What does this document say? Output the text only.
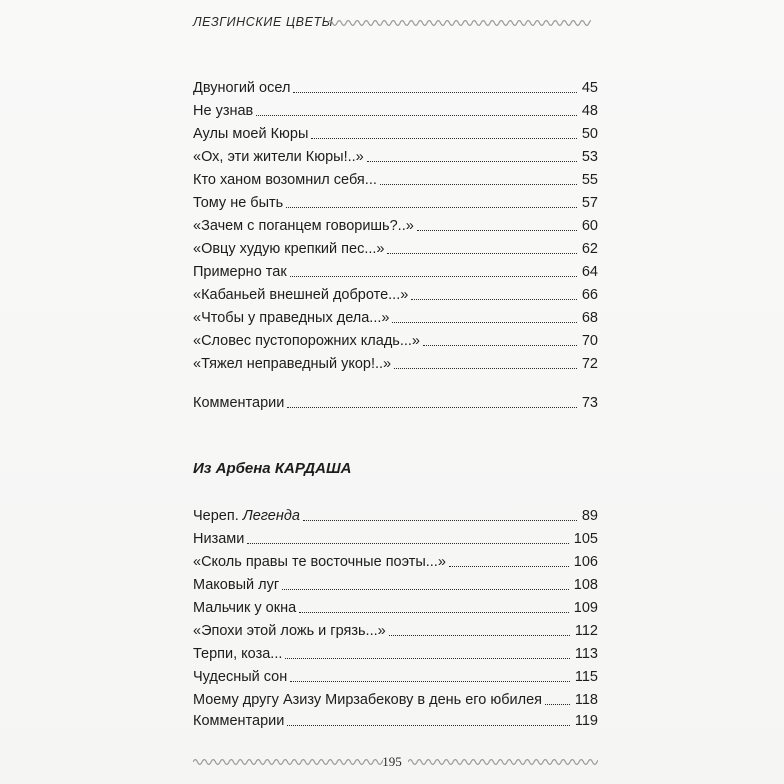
ЛЕЗГИНСКИЕ ЦВЕТЫ
Двуногий осел	45
Не узнав	48
Аулы моей Кюры	50
«Ох, эти жители Кюры!..»	53
Кто ханом возомнил себя...	55
Тому не быть	57
«Зачем с поганцем говоришь?..»	60
«Овцу худую крепкий пес...»	62
Примерно так	64
«Кабаньей внешней доброте...»	66
«Чтобы у праведных дела...»	68
«Словес пустопорожних кладь...»	70
«Тяжел неправедный укор!..»	72
Комментарии	73
Из Арбена КАРДАША
Череп. Легенда	89
Низами	105
«Сколь правы те восточные поэты...»	106
Маковый луг	108
Мальчик у окна	109
«Эпохи этой ложь и грязь...»	112
Терпи, коза...	113
Чудесный сон	115
Моему другу Азизу Мирзабекову в день его юбилея 118
Комментарии	119
195
